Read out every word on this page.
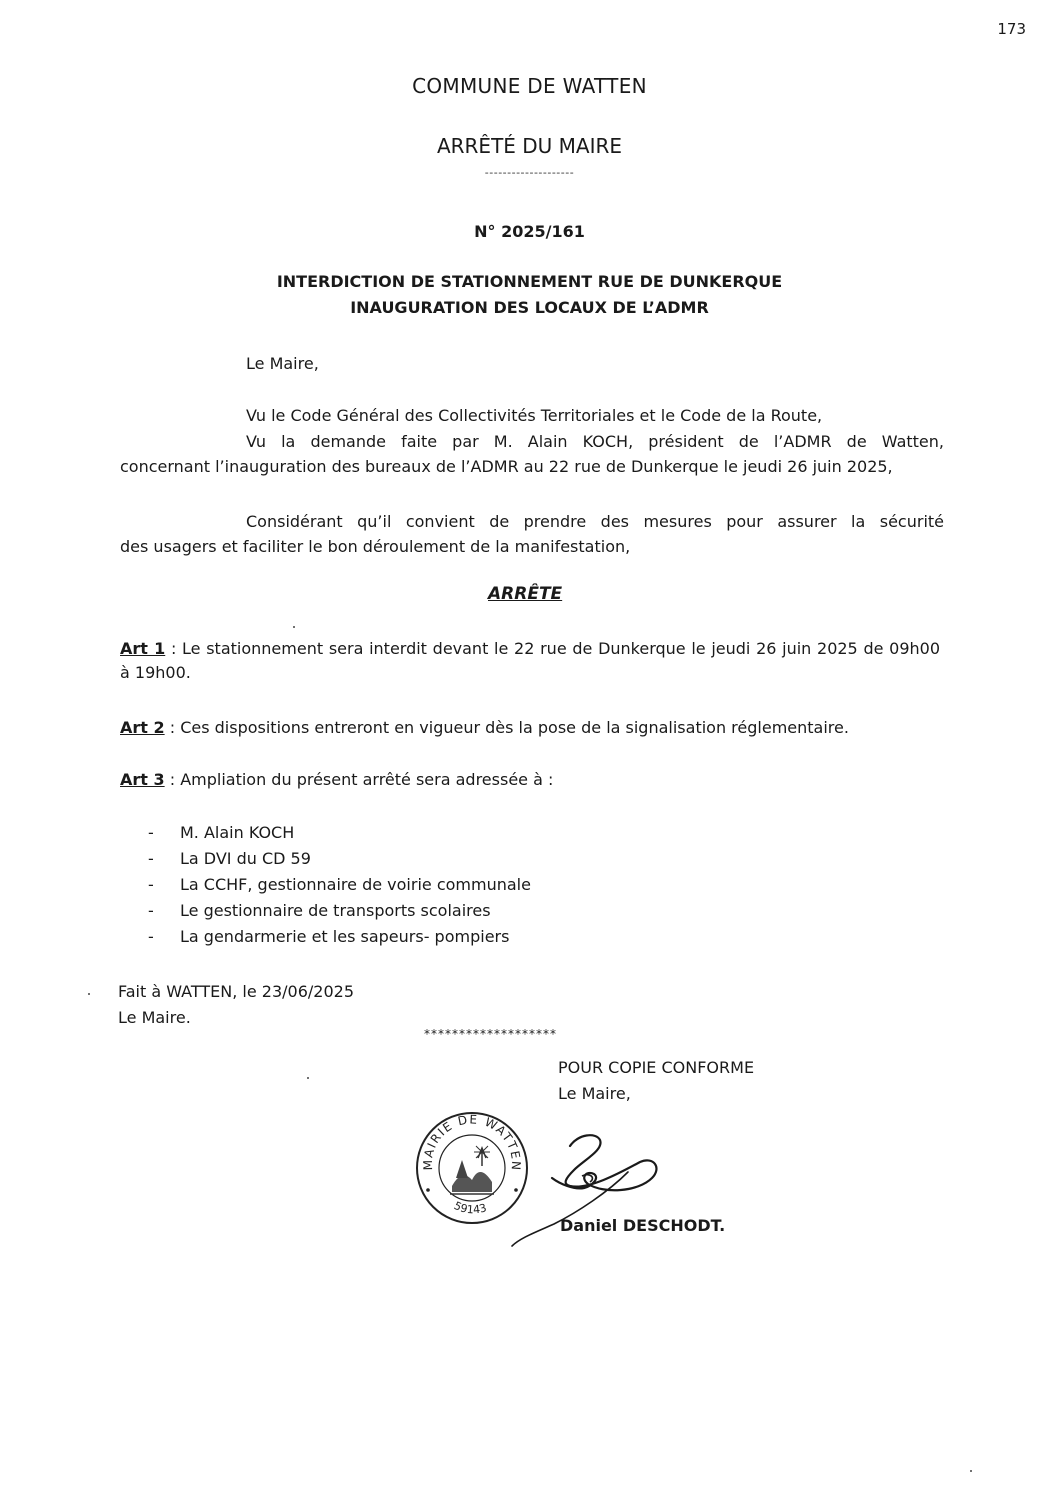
173
COMMUNE DE WATTEN
ARRÊTÉ DU MAIRE
--------------------
N° 2025/161
INTERDICTION DE STATIONNEMENT RUE DE DUNKERQUE
INAUGURATION DES LOCAUX DE L’ADMR
Le Maire,
Vu le Code Général des Collectivités Territoriales et le Code de la Route,
Vu la demande faite par M. Alain KOCH, président de l’ADMR de Watten,
concernant l’inauguration des bureaux de l’ADMR au 22 rue de Dunkerque le jeudi 26 juin 2025,
Considérant qu’il convient de prendre des mesures pour assurer la sécurité
des usagers et faciliter le bon déroulement de la manifestation,
ARRÊTE
Art 1 : Le stationnement sera interdit devant le 22 rue de Dunkerque le jeudi 26 juin 2025 de 09h00 à 19h00.
Art 2 : Ces dispositions entreront en vigueur dès la pose de la signalisation réglementaire.
Art 3 : Ampliation du présent arrêté sera adressée à :
- M. Alain KOCH
- La DVI du CD 59
- La CCHF, gestionnaire de voirie communale
- Le gestionnaire de transports scolaires
- La gendarmerie et les sapeurs- pompiers
Fait à WATTEN, le 23/06/2025
Le Maire.
*******************
POUR COPIE CONFORME
Le Maire,
MAIRIE DE WATTEN
59143
Daniel DESCHODT.
